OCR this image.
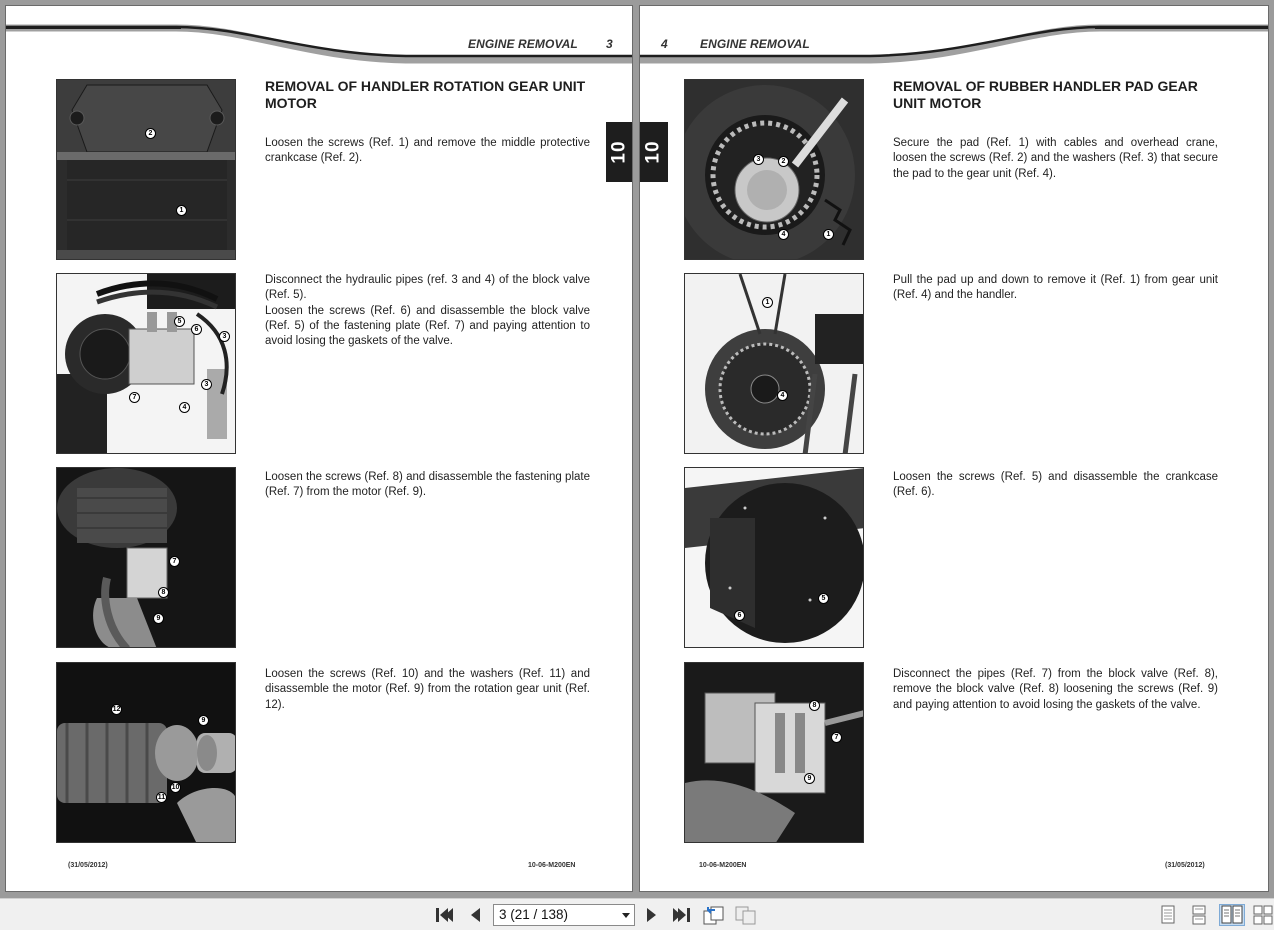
ENGINE REMOVAL 3
10
REMOVAL OF HANDLER ROTATION GEAR UNIT MOTOR
2
1
Loosen the screws (Ref. 1) and remove the middle protective crankcase (Ref. 2).
5
6
3
3
7
4

Disconnect the hydraulic pipes (ref. 3 and 4) of the block valve (Ref. 5).

Loosen the screws (Ref. 6) and disassemble the block valve (Ref. 5) of the fastening plate (Ref. 7) and paying attention to avoid losing the gaskets of the valve.

7
8
9
Loosen the screws (Ref. 8) and disassemble the fastening plate (Ref. 7) from the motor (Ref. 9).
12
9
10
11
Loosen the screws (Ref. 10) and the washers (Ref. 11) and disassemble the motor (Ref. 9) from the rotation gear unit (Ref. 12).
(31/05/2012)	10-06-M200EN
4	ENGINE REMOVAL
10
REMOVAL OF RUBBER HANDLER PAD GEAR UNIT MOTOR
3	2
4	1
Secure the pad (Ref. 1) with cables and overhead crane, loosen the screws (Ref. 2) and the washers (Ref. 3) that secure the pad to the gear unit (Ref. 4).
1
4
Pull the pad up and down to remove it (Ref. 1) from gear unit (Ref. 4) and the handler.
5
6
Loosen the screws (Ref. 5) and disassemble the crankcase (Ref. 6).
8
7
9
Disconnect the pipes (Ref. 7) from the block valve (Ref. 8), remove the block valve (Ref. 8) loosening the screws (Ref. 9) and paying attention to avoid losing the gaskets of the valve.
10-06-M200EN	(31/05/2012)
3 (21 / 138)
